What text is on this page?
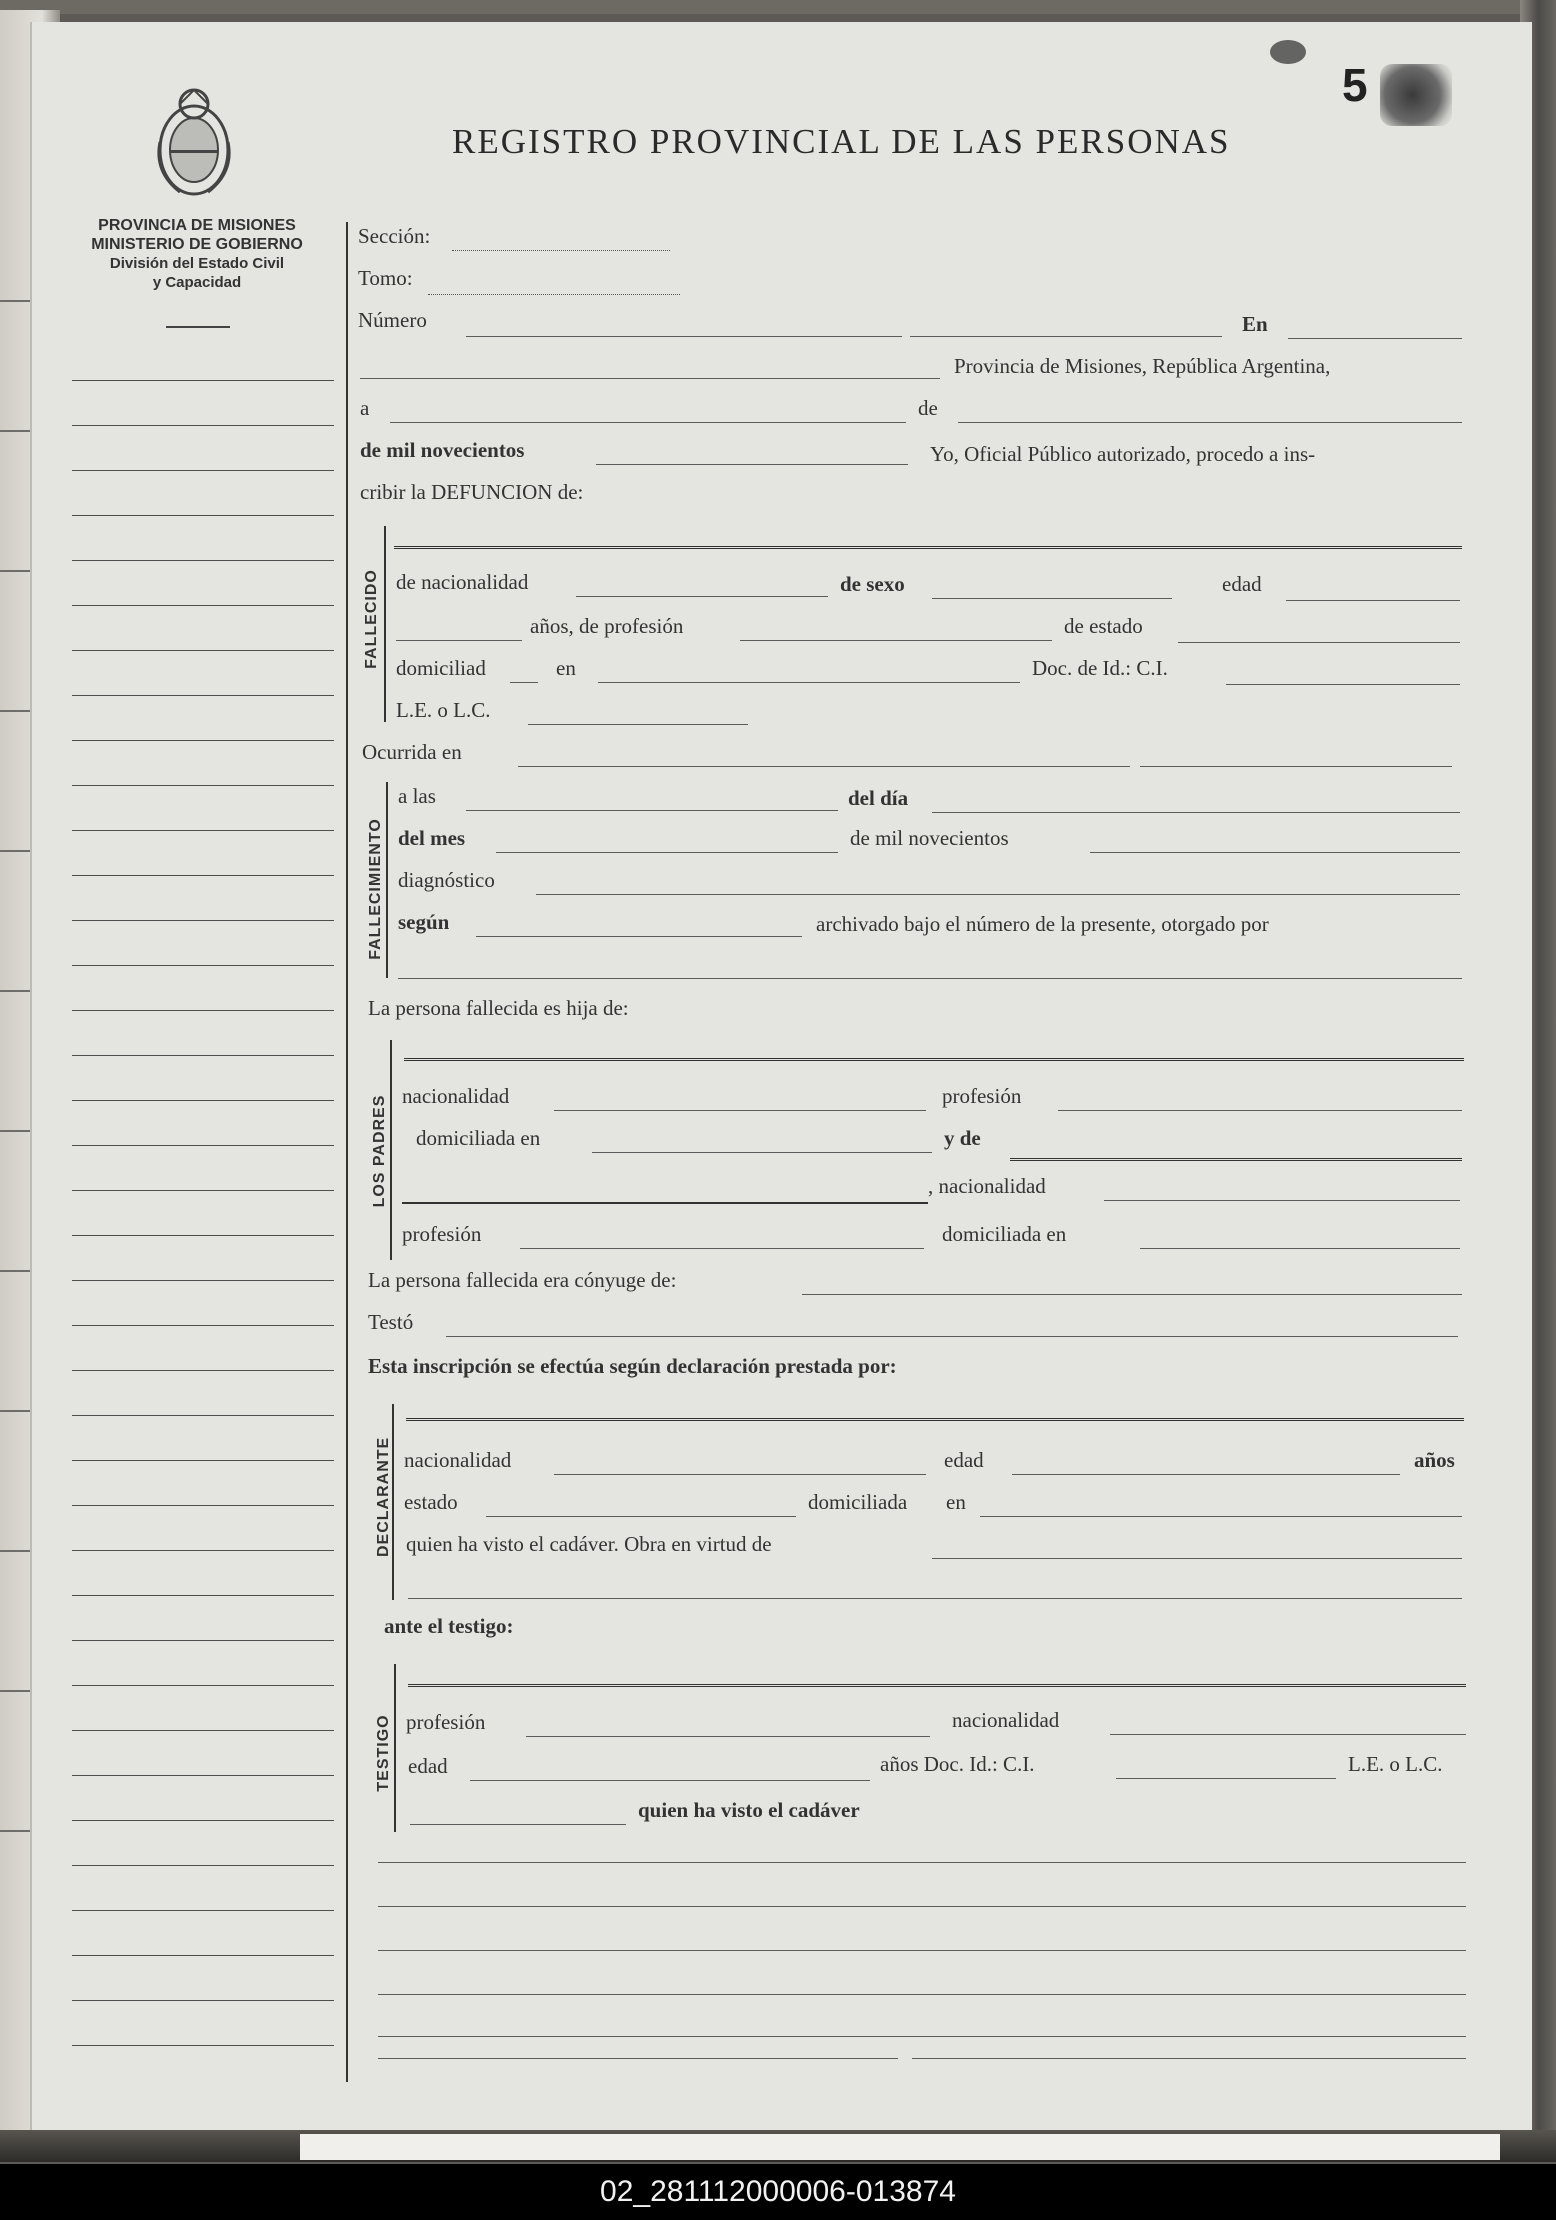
5
REGISTRO PROVINCIAL DE LAS PERSONAS
PROVINCIA DE MISIONES
MINISTERIO DE GOBIERNO
División del Estado Civil
y Capacidad
Sección:
Tomo:
Número	En
Provincia de Misiones, República Argentina,
a	de
de mil novecientos	Yo, Oficial Público autorizado, procedo a ins-
cribir la DEFUNCION de:
FALLECIDO de nacionalidad	de sexo	edad
años, de profesión	de estado
domiciliad	en	Doc. de Id.: C.I.
L.E. o L.C.
Ocurrida en
FALLECIMIENTO
a las	del día
del mes	de mil novecientos
diagnóstico
según	archivado bajo el número de la presente, otorgado por
La persona fallecida es hija de:
LOS PADRES nacionalidad	profesión
domiciliada en	y de
, nacionalidad
profesión	domiciliada en
La persona fallecida era cónyuge de:
Testó
Esta inscripción se efectúa según declaración prestada por:
DECLARANTE nacionalidad	edad	años
estado	domiciliada en
quien ha visto el cadáver. Obra en virtud de
ante el testigo:
TESTIGO profesión	nacionalidad
edad	años Doc. Id.: C.I.	L.E. o L.C.
quien ha visto el cadáver
02_281112000006-013874
